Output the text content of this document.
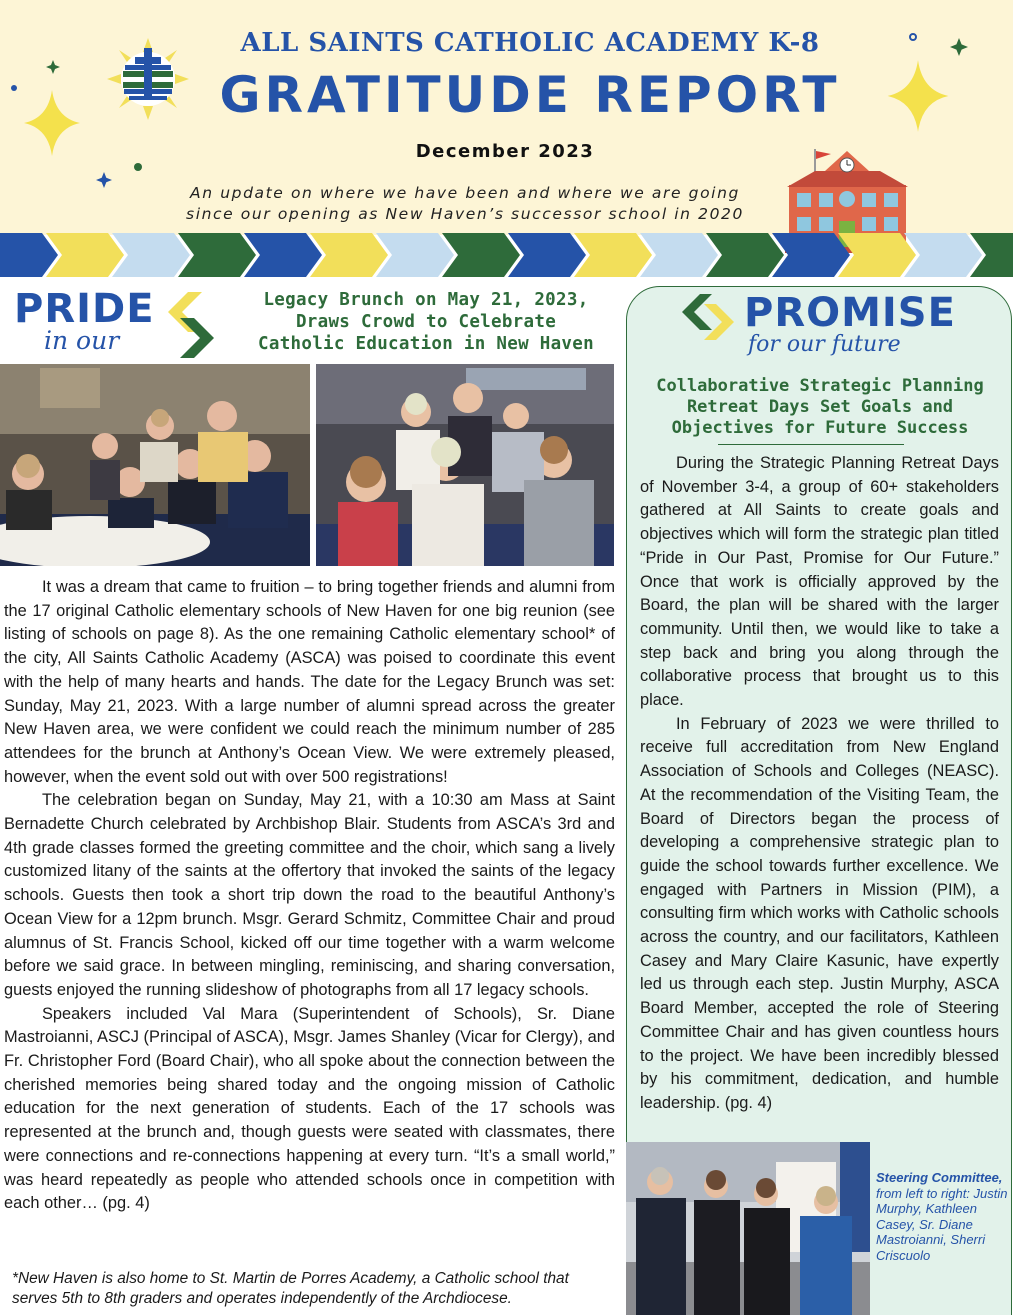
ALL SAINTS CATHOLIC ACADEMY K-8
GRATITUDE REPORT
December 2023
An update on where we have been and where we are going
since our opening as New Haven’s successor school in 2020
PRIDE
in our
Legacy Brunch on May 21, 2023,
Draws Crowd to Celebrate
Catholic Education in New Haven

It was a dream that came to fruition – to bring together friends and alumni from the 17 original Catholic elementary schools of New Haven for one big reunion (see listing of schools on page 8). As the one remaining Catholic elementary school* of the city, All Saints Catholic Academy (ASCA) was poised to coordinate this event with the help of many hearts and hands. The date for the Legacy Brunch was set: Sunday, May 21, 2023. With a large number of alumni spread across the greater New Haven area, we were confident we could reach the minimum number of 285 attendees for the brunch at Anthony’s Ocean View. We were extremely pleased, however, when the event sold out with over 500 registrations!

The celebration began on Sunday, May 21, with a 10:30 am Mass at Saint Bernadette Church celebrated by Archbishop Blair. Students from ASCA’s 3rd and 4th grade classes formed the greeting committee and the choir, which sang a lively customized litany of the saints at the offertory that invoked the saints of the legacy schools. Guests then took a short trip down the road to the beautiful Anthony’s Ocean View for a 12pm brunch. Msgr. Gerard Schmitz, Committee Chair and proud alumnus of St. Francis School, kicked off our time together with a warm welcome before we said grace. In between mingling, reminiscing, and sharing conversation, guests enjoyed the running slideshow of photographs from all 17 legacy schools.

Speakers included Val Mara (Superintendent of Schools), Sr. Diane Mastroianni, ASCJ (Principal of ASCA), Msgr. James Shanley (Vicar for Clergy), and Fr. Christopher Ford (Board Chair), who all spoke about the connection between the cherished memories being shared today and the ongoing mission of Catholic education for the next generation of students. Each of the 17 schools was represented at the brunch and, though guests were seated with classmates, there were connections and re-connections happening at every turn. “It’s a small world,” was heard repeatedly as people who attended schools once in competition with each other… (pg. 4)

*New Haven is also home to St. Martin de Porres Academy, a Catholic school that serves 5th to 8th graders and operates independently of the Archdiocese.
PROMISE
for our future
Collaborative Strategic Planning
Retreat Days Set Goals and
Objectives for Future Success

During the Strategic Planning Retreat Days of November 3-4, a group of 60+ stakeholders gathered at All Saints to create goals and objectives which will form the strategic plan titled “Pride in Our Past, Promise for Our Future.” Once that work is officially approved by the Board, the plan will be shared with the larger community. Until then, we would like to take a step back and bring you along through the collaborative process that brought us to this place.

In February of 2023 we were thrilled to receive full accreditation from New England Association of Schools and Colleges (NEASC). At the recommendation of the Visiting Team, the Board of Directors began the process of developing a comprehensive strategic plan to guide the school towards further excellence. We engaged with Partners in Mission (PIM), a consulting firm which works with Catholic schools across the country, and our facilitators, Kathleen Casey and Mary Claire Kasunic, have expertly led us through each step. Justin Murphy, ASCA Board Member, accepted the role of Steering Committee Chair and has given countless hours to the project. We have been incredibly blessed by his commitment, dedication, and humble leadership. (pg. 4)

Steering Committee,
from left to right: Justin Murphy, Kathleen Casey, Sr. Diane Mastroianni, Sherri Criscuolo
